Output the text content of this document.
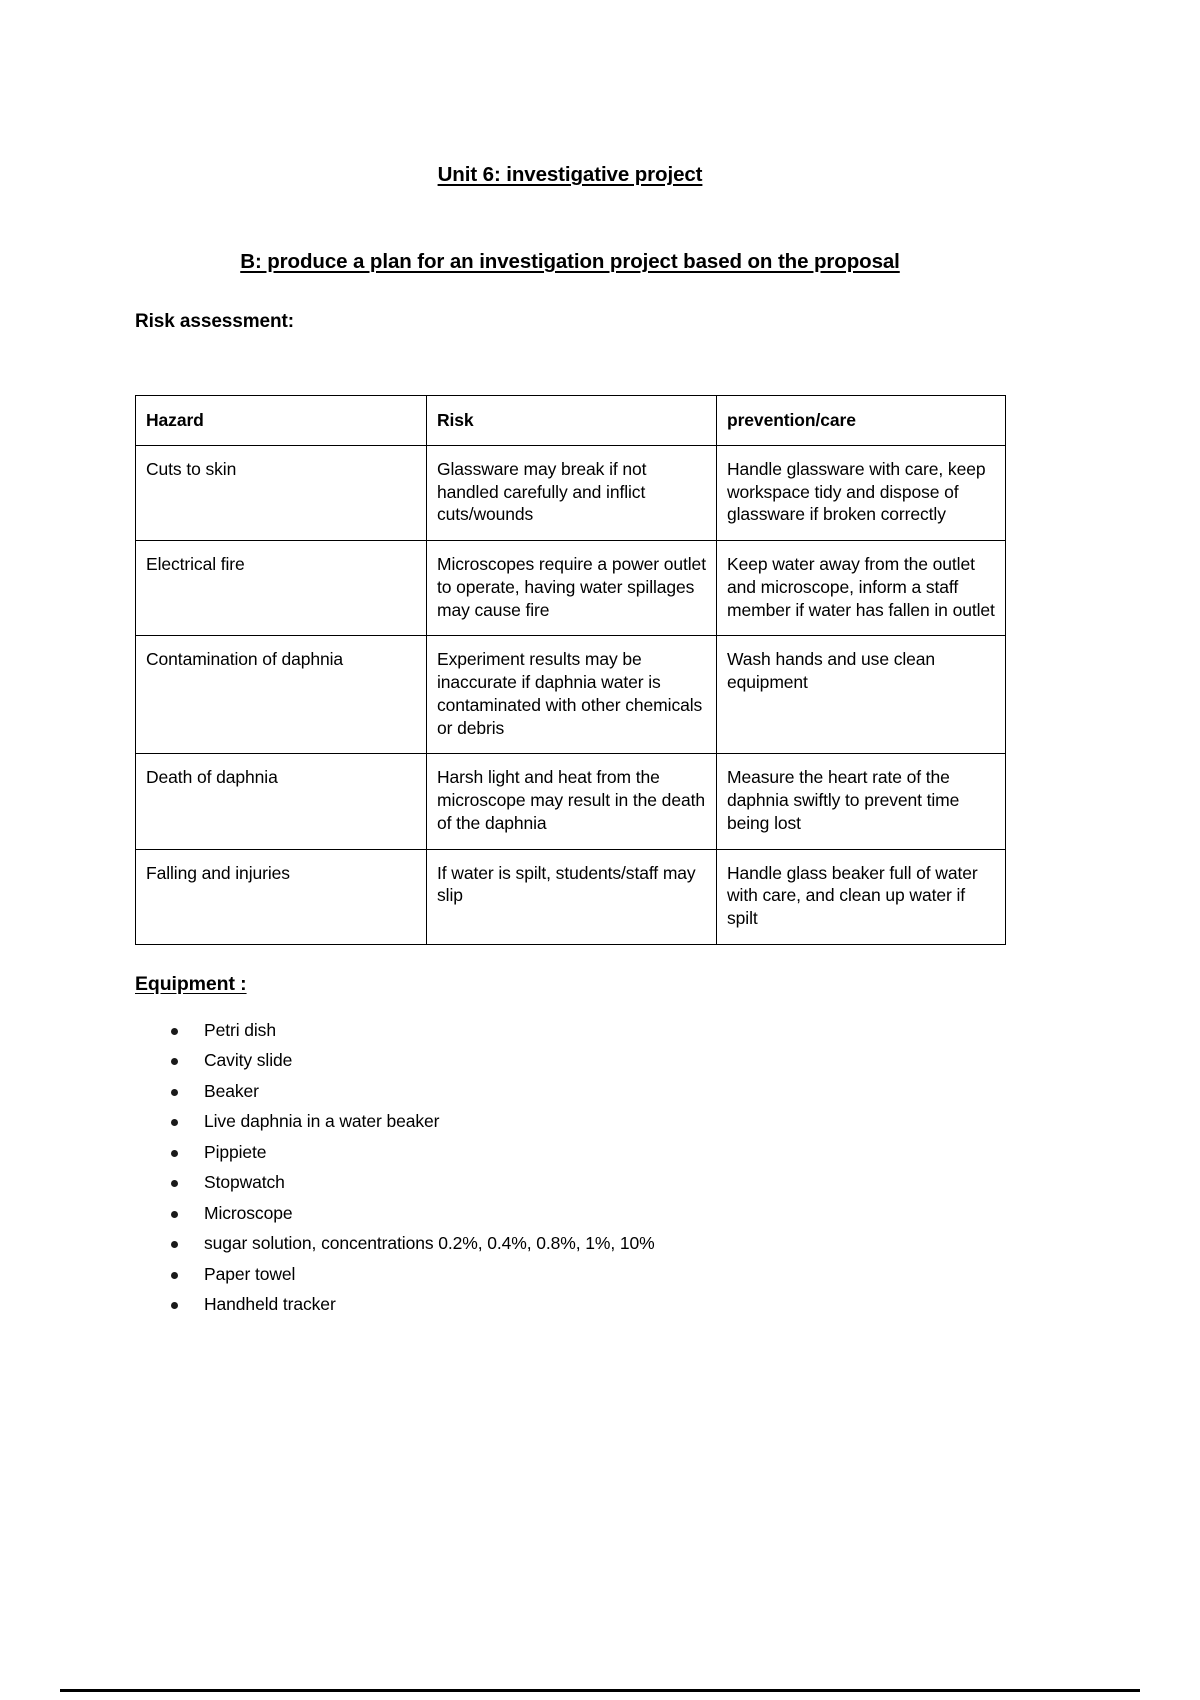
Unit 6: investigative project
B: produce a plan for an investigation project based on the proposal
Risk assessment:
Hazard	Risk	prevention/care
Cuts to skin	Glassware may break if not handled carefully and inflict cuts/wounds	Handle glassware with care, keep workspace tidy and dispose of glassware if broken correctly
Electrical fire	Microscopes require a power outlet to operate, having water spillages may cause fire	Keep water away from the outlet and microscope, inform a staff member if water has fallen in outlet
Contamination of daphnia	Experiment results may be inaccurate if daphnia water is contaminated with other chemicals or debris	Wash hands and use clean equipment
Death of daphnia	Harsh light and heat from the microscope may result in the death of the daphnia	Measure the heart rate of the daphnia swiftly to prevent time being lost
Falling and injuries	If water is spilt, students/staff may slip	Handle glass beaker full of water with care, and clean up water if spilt
Equipment :
Petri dish
Cavity slide
Beaker
Live daphnia in a water beaker
Pippiete
Stopwatch
Microscope
sugar solution, concentrations 0.2%, 0.4%, 0.8%, 1%, 10%
Paper towel
Handheld tracker
